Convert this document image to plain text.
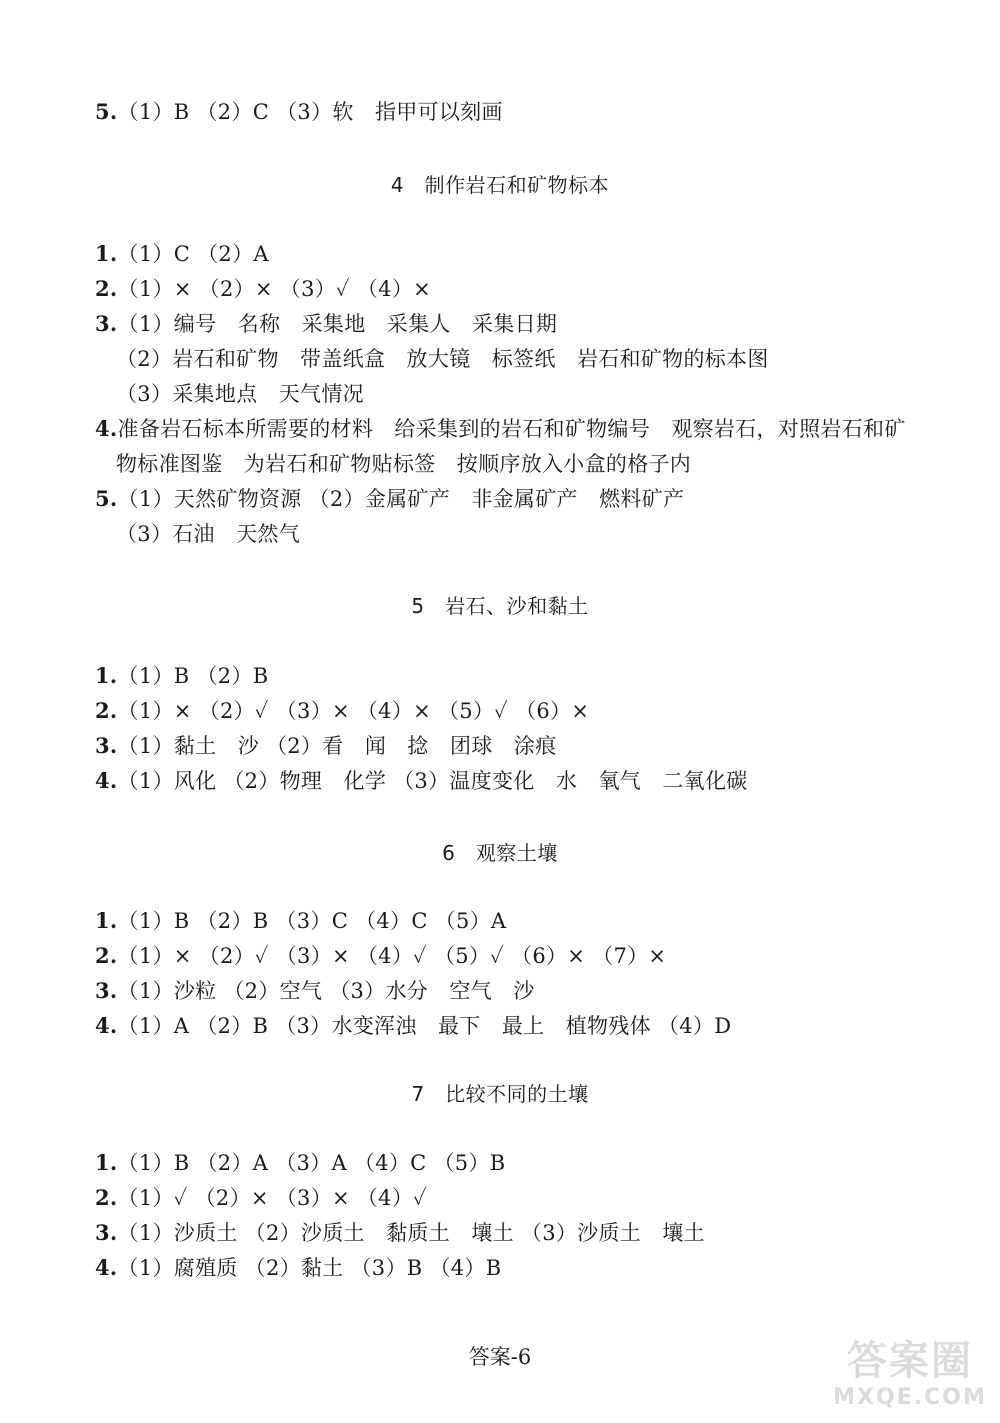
5.（1）B （2）C （3）软　指甲可以刻画
4　制作岩石和矿物标本
1.（1）C （2）A
2.（1）× （2）× （3）✓ （4）×
3.（1）编号　名称　采集地　采集人　采集日期
（2）岩石和矿物　带盖纸盒　放大镜　标签纸　岩石和矿物的标本图
（3）采集地点　天气情况
4.准备岩石标本所需要的材料　给采集到的岩石和矿物编号　观察岩石，对照岩石和矿
物标准图鉴　为岩石和矿物贴标签　按顺序放入小盒的格子内
5.（1）天然矿物资源 （2）金属矿产　非金属矿产　燃料矿产
（3）石油　天然气
5　岩石、沙和黏土
1.（1）B （2）B
2.（1）× （2）✓ （3）× （4）× （5）✓ （6）×
3.（1）黏土　沙 （2）看　闻　捻　团球　涂痕
4.（1）风化 （2）物理　化学 （3）温度变化　水　氧气　二氧化碳
6　观察土壤
1.（1）B （2）B （3）C （4）C （5）A
2.（1）× （2）✓ （3）× （4）✓ （5）✓ （6）× （7）×
3.（1）沙粒 （2）空气 （3）水分　空气　沙
4.（1）A （2）B （3）水变浑浊　最下　最上　植物残体 （4）D
7　比较不同的土壤
1.（1）B （2）A （3）A （4）C （5）B
2.（1）✓ （2）× （3）× （4）✓
3.（1）沙质土 （2）沙质土　黏质土　壤土 （3）沙质土　壤土
4.（1）腐殖质 （2）黏土 （3）B （4）B
答案-6	答案圈
MXQE.COM
